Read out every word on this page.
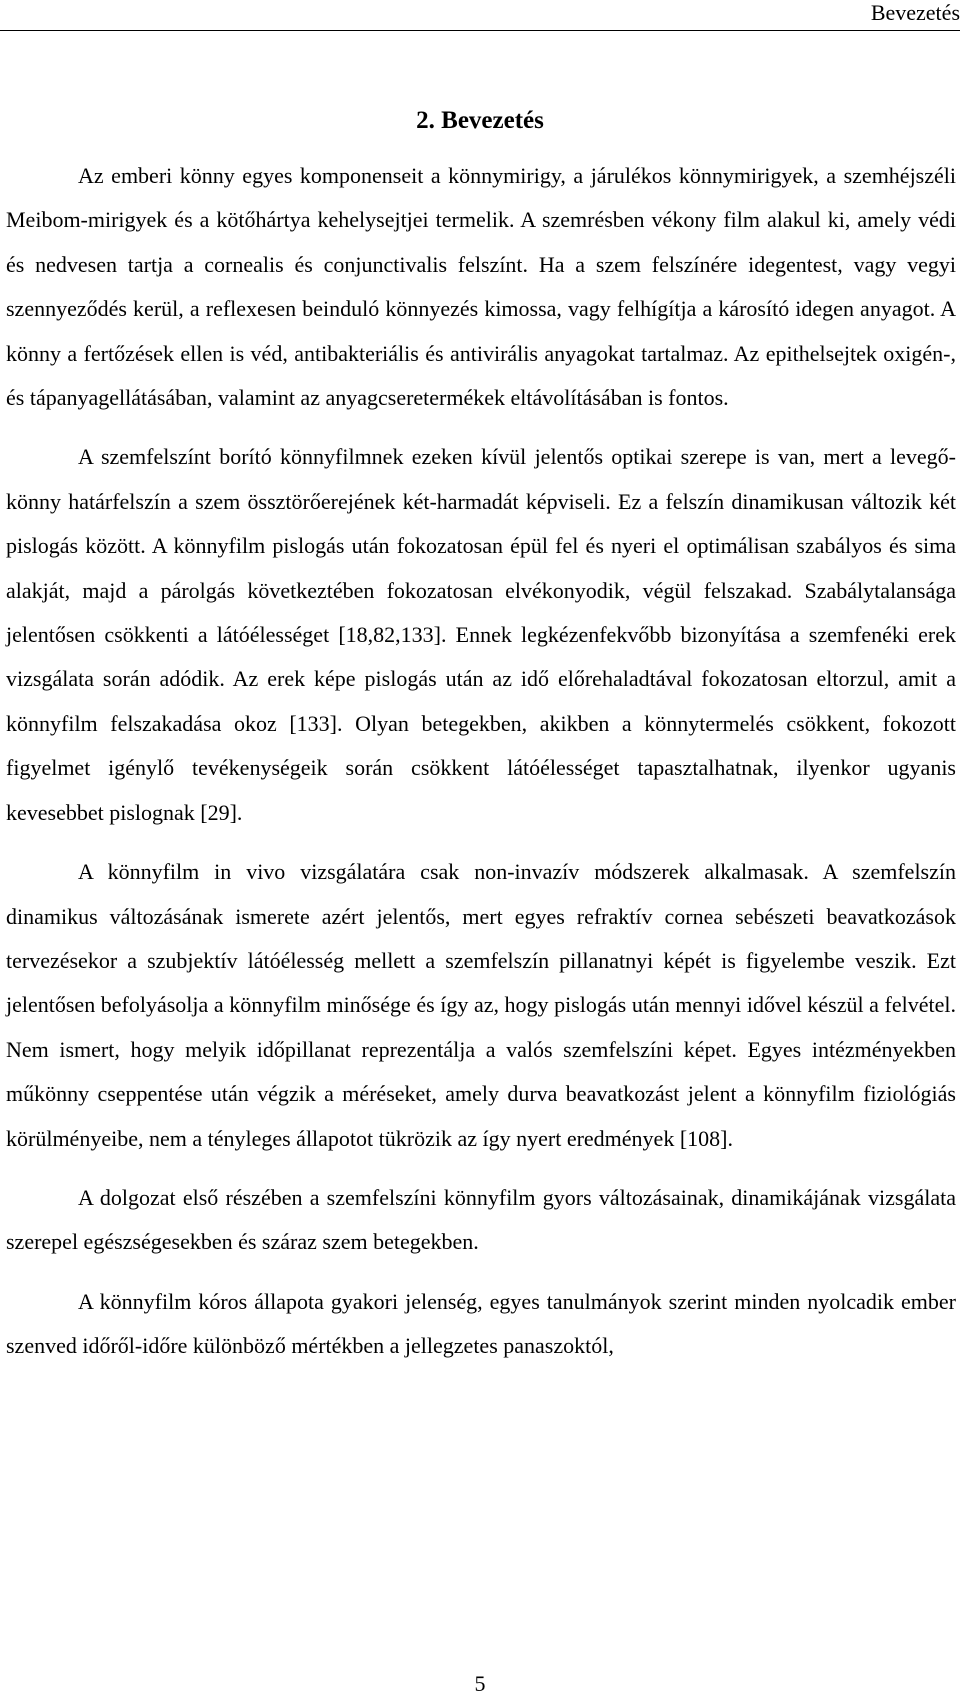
Bevezetés
2. Bevezetés

Az emberi könny egyes komponenseit a könnymirigy, a járulékos könnymirigyek, a szemhéjszéli Meibom-mirigyek és a kötőhártya kehelysejtjei termelik. A szemrésben vékony film alakul ki, amely védi és nedvesen tartja a cornealis és conjunctivalis felszínt. Ha a szem felszínére idegentest, vagy vegyi szennyeződés kerül, a reflexesen beinduló könnyezés kimossa, vagy felhígítja a károsító idegen anyagot. A könny a fertőzések ellen is véd, antibakteriális és antivirális anyagokat tartalmaz. Az epithelsejtek oxigén-, és tápanyagellátásában, valamint az anyagcseretermékek eltávolításában is fontos.

A szemfelszínt borító könnyfilmnek ezeken kívül jelentős optikai szerepe is van, mert a levegő-könny határfelszín a szem össztörőerejének két-harmadát képviseli. Ez a felszín dinamikusan változik két pislogás között. A könnyfilm pislogás után fokozatosan épül fel és nyeri el optimálisan szabályos és sima alakját, majd a párolgás következtében fokozatosan elvékonyodik, végül felszakad. Szabálytalansága jelentősen csökkenti a látóélességet [18,82,133]. Ennek legkézenfekvőbb bizonyítása a szemfenéki erek vizsgálata során adódik. Az erek képe pislogás után az idő előrehaladtával fokozatosan eltorzul, amit a könnyfilm felszakadása okoz [133]. Olyan betegekben, akikben a könnytermelés csökkent, fokozott figyelmet igénylő tevékenységeik során csökkent látóélességet tapasztalhatnak, ilyenkor ugyanis kevesebbet pislognak [29].

A könnyfilm in vivo vizsgálatára csak non-invazív módszerek alkalmasak. A szemfelszín dinamikus változásának ismerete azért jelentős, mert egyes refraktív cornea sebészeti beavatkozások tervezésekor a szubjektív látóélesség mellett a szemfelszín pillanatnyi képét is figyelembe veszik. Ezt jelentősen befolyásolja a könnyfilm minősége és így az, hogy pislogás után mennyi idővel készül a felvétel. Nem ismert, hogy melyik időpillanat reprezentálja a valós szemfelszíni képet. Egyes intézményekben műkönny cseppentése után végzik a méréseket, amely durva beavatkozást jelent a könnyfilm fiziológiás körülményeibe, nem a tényleges állapotot tükrözik az így nyert eredmények [108].

A dolgozat első részében a szemfelszíni könnyfilm gyors változásainak, dinamikájának vizsgálata szerepel egészségesekben és száraz szem betegekben.

A könnyfilm kóros állapota gyakori jelenség, egyes tanulmányok szerint minden nyolcadik ember szenved időről-időre különböző mértékben a jellegzetes panaszoktól,

5
